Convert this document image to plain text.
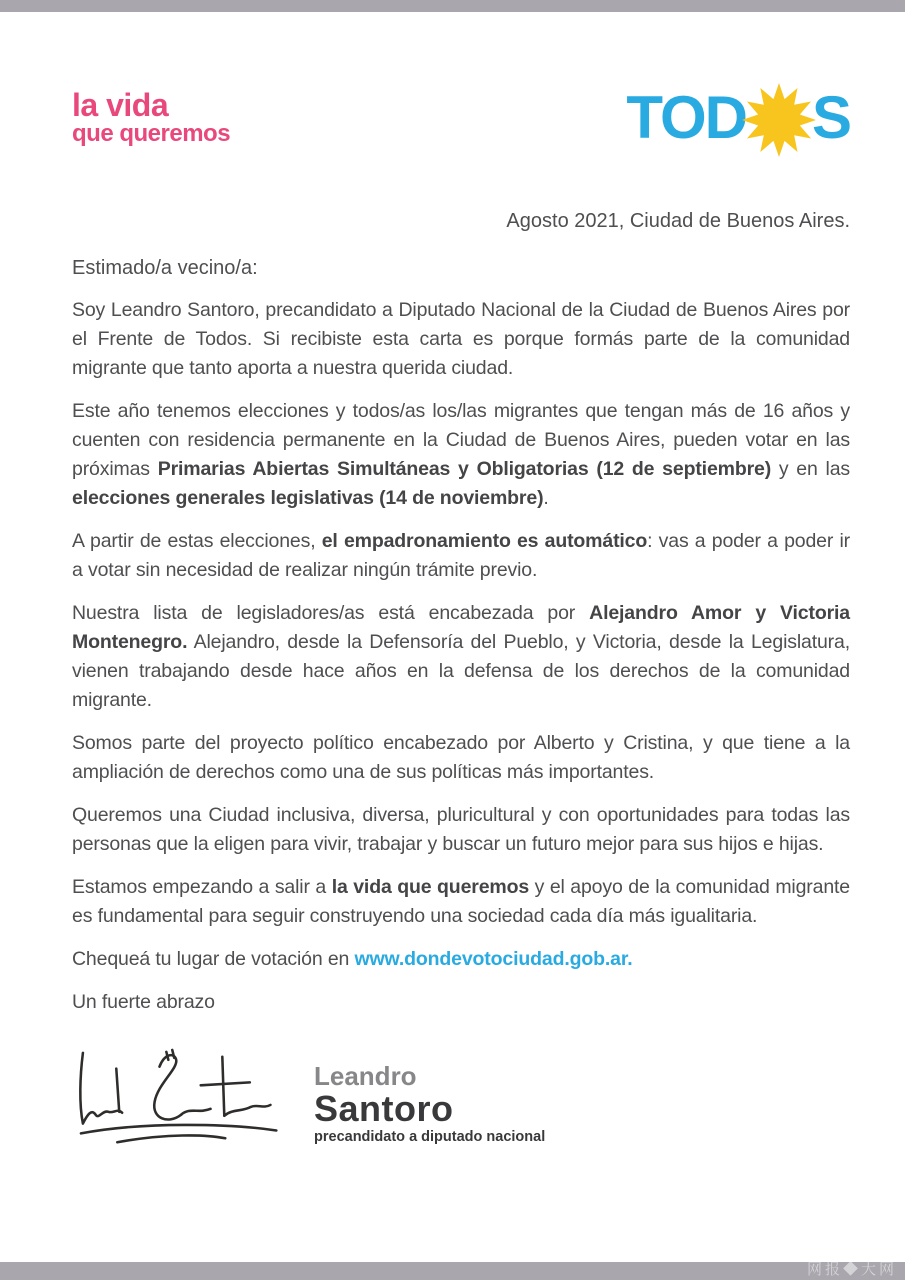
la vida
que queremos	TOD S
Agosto 2021, Ciudad de Buenos Aires.
Estimado/a vecino/a:

Soy Leandro Santoro, precandidato a Diputado Nacional de la Ciudad de Buenos Aires por el Frente de Todos. Si recibiste esta carta es porque formás parte de la comunidad migrante que tanto aporta a nuestra querida ciudad.

Este año tenemos elecciones y todos/as los/las migrantes que tengan más de 16 años y cuenten con residencia permanente en la Ciudad de Buenos Aires, pueden votar en las próximas Primarias Abiertas Simultáneas y Obligatorias (12 de septiembre) y en las elecciones generales legislativas (14 de noviembre).

A partir de estas elecciones, el empadronamiento es automático: vas a poder a poder ir a votar sin necesidad de realizar ningún trámite previo.

Nuestra lista de legisladores/as está encabezada por Alejandro Amor y Victoria Montenegro. Alejandro, desde la Defensoría del Pueblo, y Victoria, desde la Legislatura, vienen trabajando desde hace años en la defensa de los derechos de la comunidad migrante.

Somos parte del proyecto político encabezado por Alberto y Cristina, y que tiene a la ampliación de derechos como una de sus políticas más importantes.

Queremos una Ciudad inclusiva, diversa, pluricultural y con oportunidades para todas las personas que la eligen para vivir, trabajar y buscar un futuro mejor para sus hijos e hijas.

Estamos empezando a salir a la vida que queremos y el apoyo de la comunidad migrante es fundamental para seguir construyendo una sociedad cada día más igualitaria.

Chequeá tu lugar de votación en www.dondevotociudad.gob.ar.

Un fuerte abrazo
Leandro
Santoro
precandidato a diputado nacional
网报◆大网
